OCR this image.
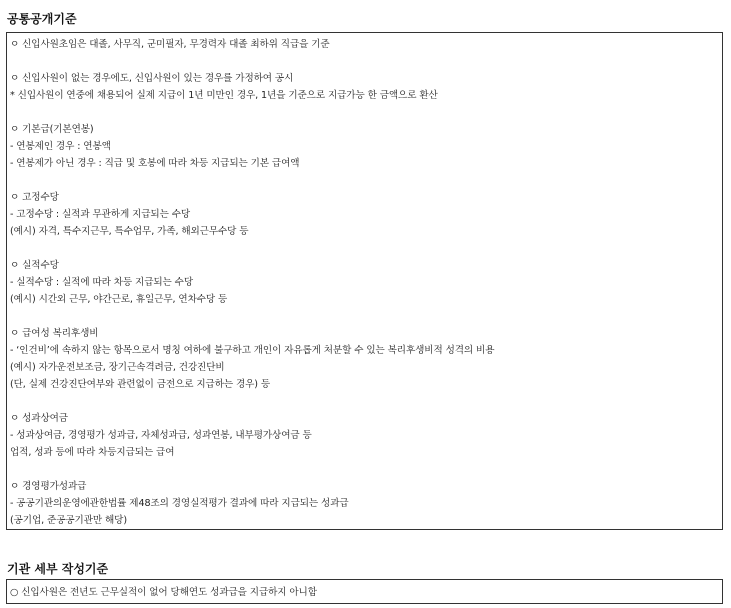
공통공개기준
ㅇ 신입사원초임은 대졸, 사무직, 군미필자, 무경력자 대졸 최하위 직급을 기준
ㅇ 신입사원이 없는 경우에도, 신입사원이 있는 경우를 가정하여 공시
* 신입사원이 연중에 채용되어 실제 지급이 1년 미만인 경우, 1년을 기준으로 지급가능 한 금액으로 환산
ㅇ 기본급(기본연봉)
- 연봉제인 경우 : 연봉액
- 연봉제가 아닌 경우 : 직급 및 호봉에 따라 차등 지급되는 기본 급여액
ㅇ 고정수당
- 고정수당 : 실적과 무관하게 지급되는 수당
(예시) 자격, 특수지근무, 특수업무, 가족, 해외근무수당 등
ㅇ 실적수당
- 실적수당 : 실적에 따라 차등 지급되는 수당
(예시) 시간외 근무, 야간근로, 휴일근무, 연차수당 등
ㅇ 급여성 복리후생비
- ‘인건비’에 속하지 않는 항목으로서 명칭 여하에 불구하고 개인이 자유롭게 처분할 수 있는 복리후생비적 성격의 비용
(예시) 자가운전보조금, 장기근속격려금, 건강진단비
(단, 실제 건강진단여부와 관련없이 금전으로 지급하는 경우) 등
ㅇ 성과상여금
- 성과상여금, 경영평가 성과급, 자체성과급, 성과연봉, 내부평가상여금 등
업적, 성과 등에 따라 차등지급되는 급여
ㅇ 경영평가성과급
- 공공기관의운영에관한법률 제48조의 경영실적평가 결과에 따라 지급되는 성과급
(공기업, 준공공기관만 해당)
기관 세부 작성기준
○ 신입사원은 전년도 근무실적이 없어 당해연도 성과급을 지급하지 아니함
